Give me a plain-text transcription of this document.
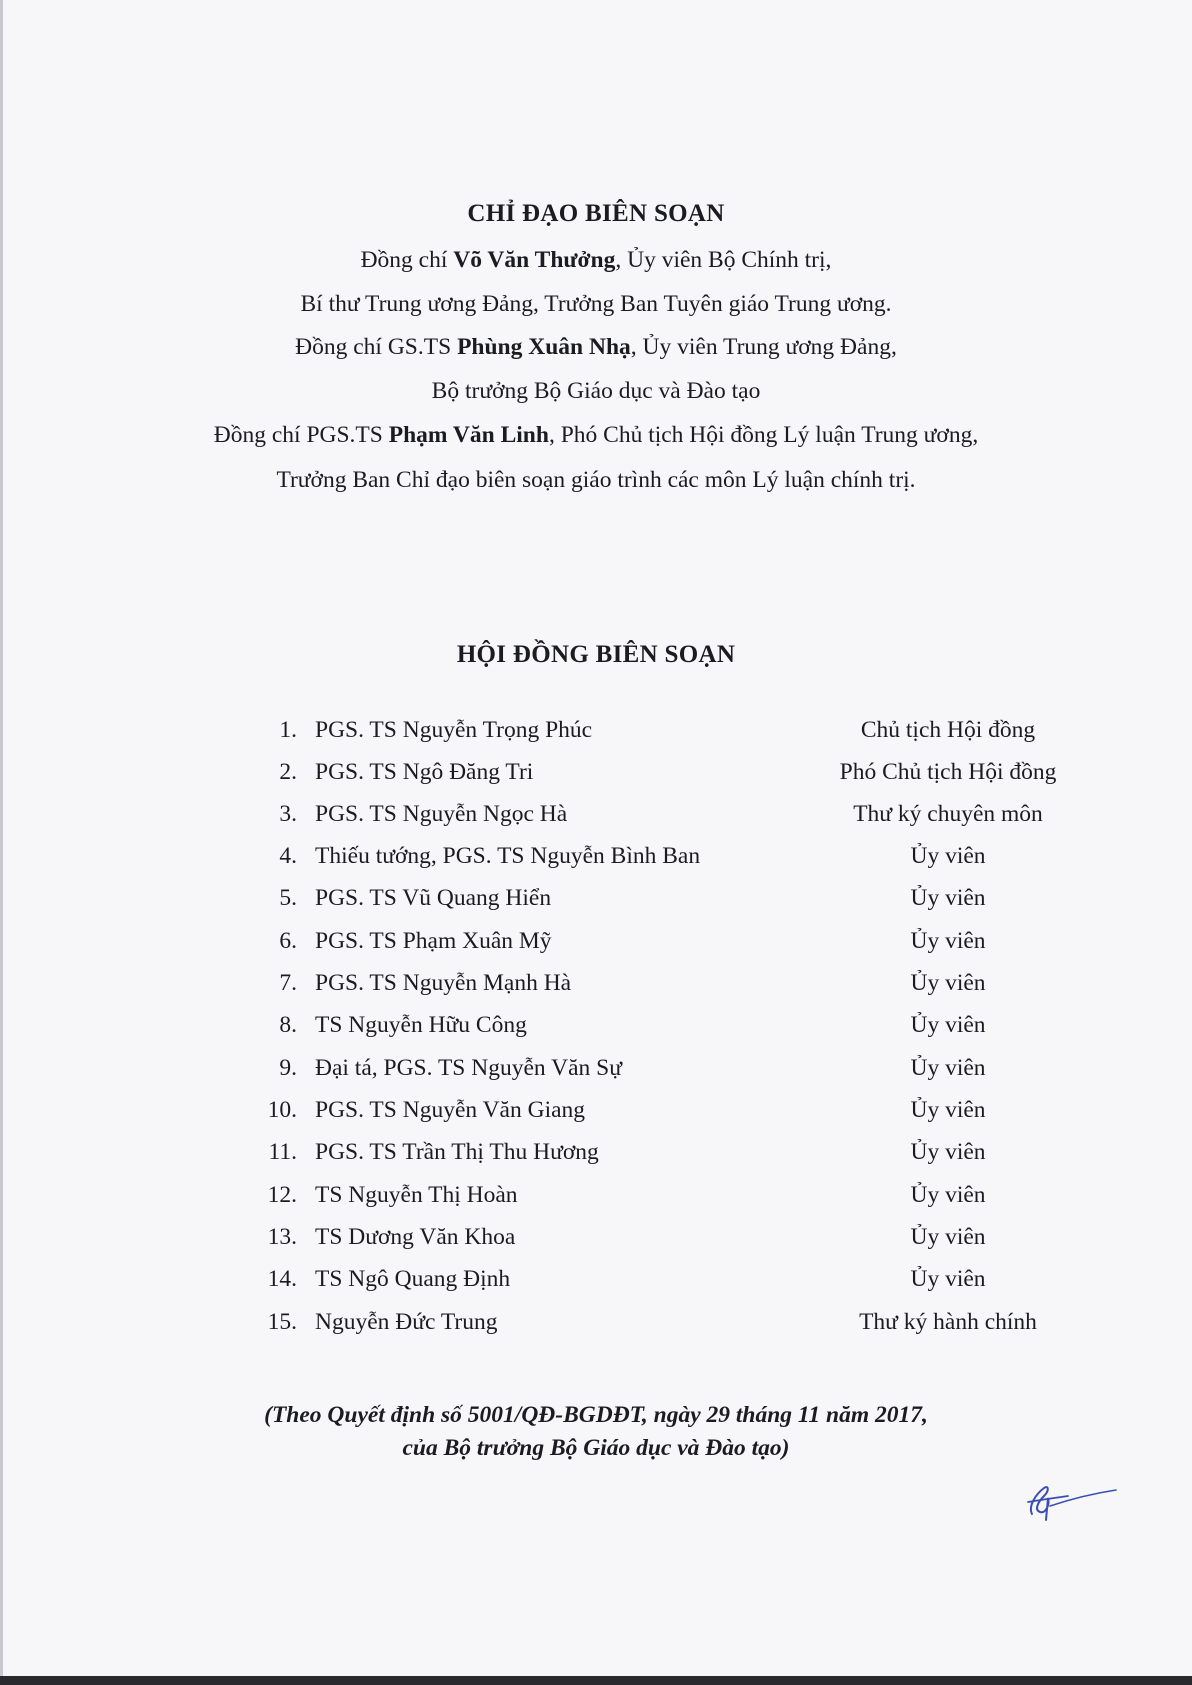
CHỈ ĐẠO BIÊN SOẠN
Đồng chí Võ Văn Thưởng, Ủy viên Bộ Chính trị,
Bí thư Trung ương Đảng, Trưởng Ban Tuyên giáo Trung ương.
Đồng chí GS.TS Phùng Xuân Nhạ, Ủy viên Trung ương Đảng,
Bộ trưởng Bộ Giáo dục và Đào tạo
Đồng chí PGS.TS Phạm Văn Linh, Phó Chủ tịch Hội đồng Lý luận Trung ương,
Trưởng Ban Chỉ đạo biên soạn giáo trình các môn Lý luận chính trị.
HỘI ĐỒNG BIÊN SOẠN
1. PGS. TS Nguyễn Trọng Phúc	Chủ tịch Hội đồng
2. PGS. TS Ngô Đăng Tri	Phó Chủ tịch Hội đồng
3. PGS. TS Nguyễn Ngọc Hà	Thư ký chuyên môn
4. Thiếu tướng, PGS. TS Nguyễn Bình Ban	Ủy viên
5. PGS. TS Vũ Quang Hiển	Ủy viên
6. PGS. TS Phạm Xuân Mỹ	Ủy viên
7. PGS. TS Nguyễn Mạnh Hà	Ủy viên
8. TS Nguyễn Hữu Công	Ủy viên
9. Đại tá, PGS. TS Nguyễn Văn Sự	Ủy viên
10. PGS. TS Nguyễn Văn Giang	Ủy viên
11. PGS. TS Trần Thị Thu Hương	Ủy viên
12. TS Nguyễn Thị Hoàn	Ủy viên
13. TS Dương Văn Khoa	Ủy viên
14. TS Ngô Quang Định	Ủy viên
15. Nguyễn Đức Trung	Thư ký hành chính
(Theo Quyết định số 5001/QĐ-BGDĐT, ngày 29 tháng 11 năm 2017,
của Bộ trưởng Bộ Giáo dục và Đào tạo)
